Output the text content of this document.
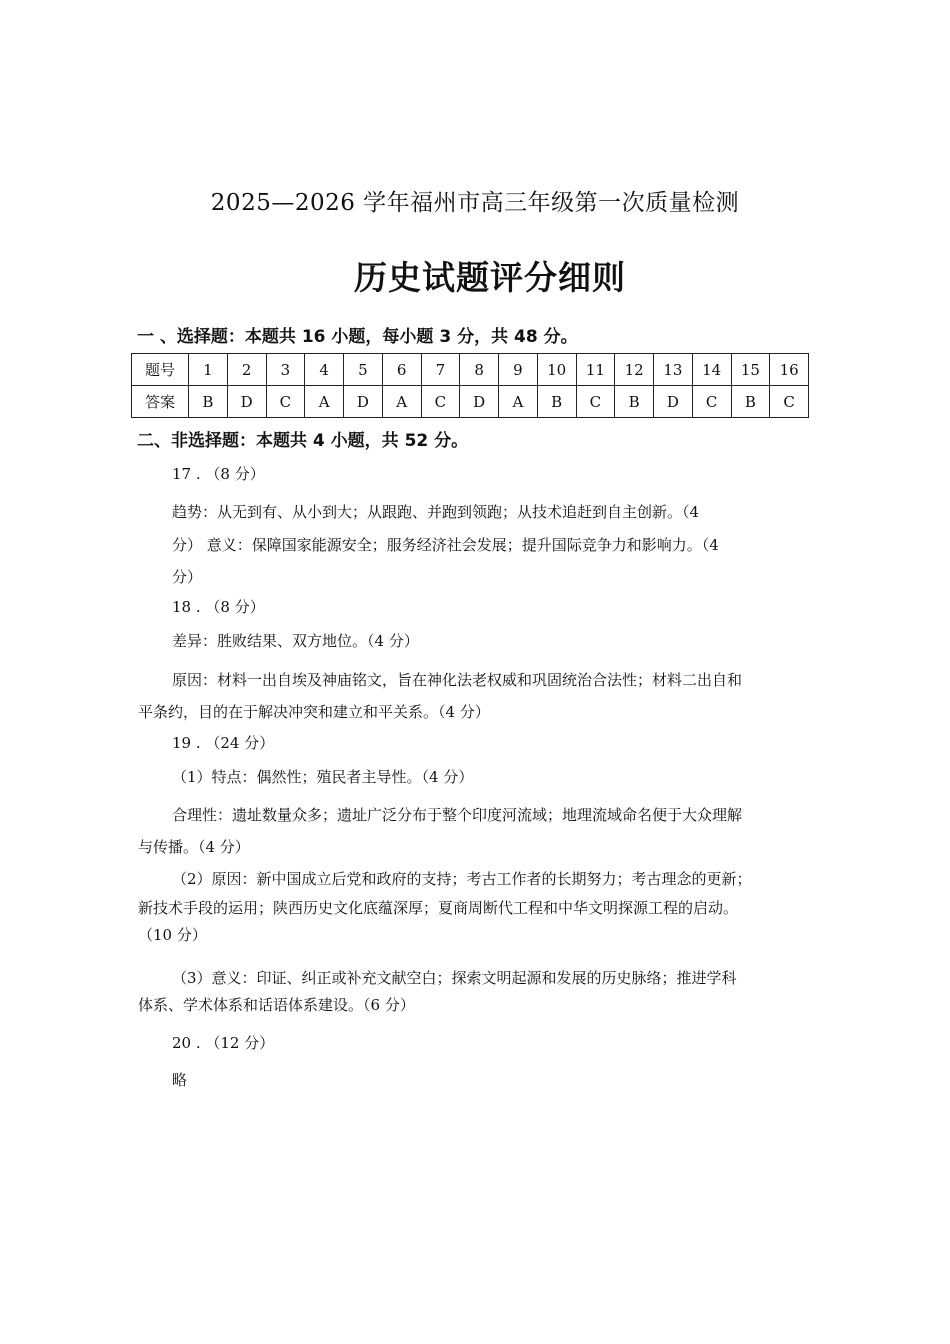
2025—2026 学年福州市高三年级第一次质量检测
历史试题评分细则
一 、选择题：本题共 16 小题，每小题 3 分，共 48 分。
题号	1	2	3	4	5	6	7	8	9	10	11	12	13	14	15	16
答案	B	D	C	A	D	A	C	D	A	B	C	B	D	C	B	C
二、非选择题：本题共 4 小题，共 52 分。
17 . （8 分）
趋势：从无到有、从小到大；从跟跑、并跑到领跑；从技术追赶到自主创新。（4
分） 意义：保障国家能源安全；服务经济社会发展；提升国际竞争力和影响力。（4
分）
18 . （8 分）
差异：胜败结果、双方地位。（4 分）
原因：材料一出自埃及神庙铭文，旨在神化法老权威和巩固统治合法性；材料二出自和
平条约，目的在于解决冲突和建立和平关系。（4 分）
19 . （24 分）
（1）特点：偶然性；殖民者主导性。（4 分）
合理性：遗址数量众多；遗址广泛分布于整个印度河流域；地理流域命名便于大众理解
与传播。（4 分）
（2）原因：新中国成立后党和政府的支持；考古工作者的长期努力；考古理念的更新；
新技术手段的运用；陕西历史文化底蕴深厚；夏商周断代工程和中华文明探源工程的启动。
（10 分）
（3）意义：印证、纠正或补充文献空白；探索文明起源和发展的历史脉络；推进学科
体系、学术体系和话语体系建设。（6 分）
20 . （12 分）
略
